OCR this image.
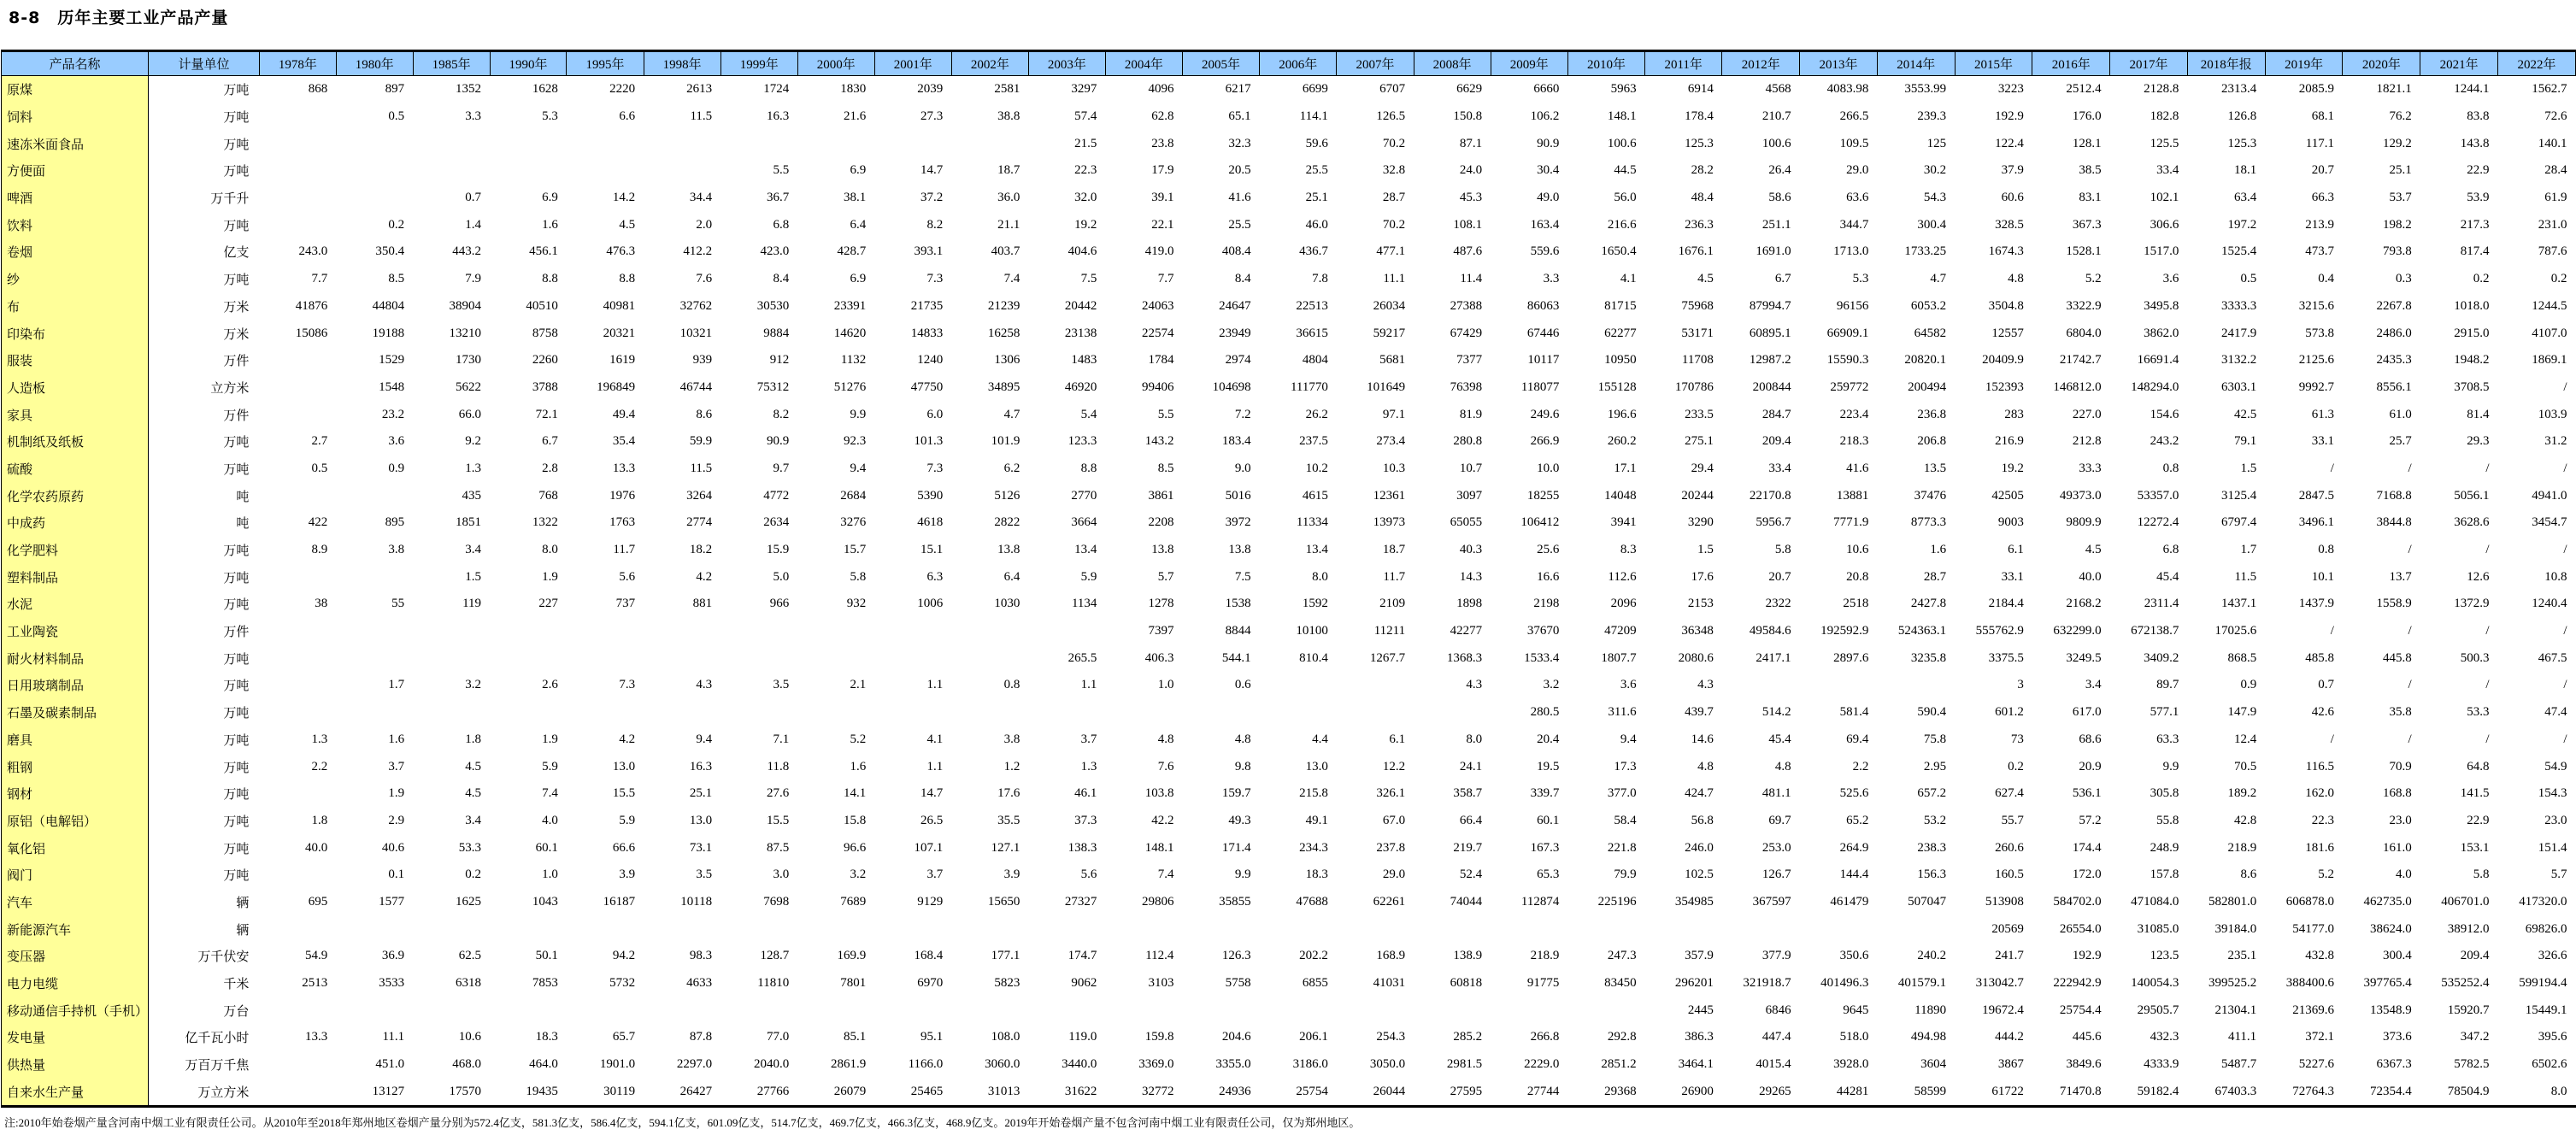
8-8　历年主要工业产品产量
产品名称	计量单位	1978年	1980年	1985年	1990年	1995年	1998年	1999年	2000年	2001年	2002年	2003年	2004年	2005年	2006年	2007年	2008年	2009年	2010年	2011年	2012年	2013年	2014年	2015年	2016年	2017年	2018年报	2019年	2020年	2021年	2022年
原煤	万吨	868	897	1352	1628	2220	2613	1724	1830	2039	2581	3297	4096	6217	6699	6707	6629	6660	5963	6914	4568	4083.98	3553.99	3223	2512.4	2128.8	2313.4	2085.9	1821.1	1244.1	1562.7
饲料	万吨		0.5	3.3	5.3	6.6	11.5	16.3	21.6	27.3	38.8	57.4	62.8	65.1	114.1	126.5	150.8	106.2	148.1	178.4	210.7	266.5	239.3	192.9	176.0	182.8	126.8	68.1	76.2	83.8	72.6
速冻米面食品	万吨											21.5	23.8	32.3	59.6	70.2	87.1	90.9	100.6	125.3	100.6	109.5	125	122.4	128.1	125.5	125.3	117.1	129.2	143.8	140.1
方便面	万吨							5.5	6.9	14.7	18.7	22.3	17.9	20.5	25.5	32.8	24.0	30.4	44.5	28.2	26.4	29.0	30.2	37.9	38.5	33.4	18.1	20.7	25.1	22.9	28.4
啤酒	万千升			0.7	6.9	14.2	34.4	36.7	38.1	37.2	36.0	32.0	39.1	41.6	25.1	28.7	45.3	49.0	56.0	48.4	58.6	63.6	54.3	60.6	83.1	102.1	63.4	66.3	53.7	53.9	61.9
饮料	万吨		0.2	1.4	1.6	4.5	2.0	6.8	6.4	8.2	21.1	19.2	22.1	25.5	46.0	70.2	108.1	163.4	216.6	236.3	251.1	344.7	300.4	328.5	367.3	306.6	197.2	213.9	198.2	217.3	231.0
卷烟	亿支	243.0	350.4	443.2	456.1	476.3	412.2	423.0	428.7	393.1	403.7	404.6	419.0	408.4	436.7	477.1	487.6	559.6	1650.4	1676.1	1691.0	1713.0	1733.25	1674.3	1528.1	1517.0	1525.4	473.7	793.8	817.4	787.6
纱	万吨	7.7	8.5	7.9	8.8	8.8	7.6	8.4	6.9	7.3	7.4	7.5	7.7	8.4	7.8	11.1	11.4	3.3	4.1	4.5	6.7	5.3	4.7	4.8	5.2	3.6	0.5	0.4	0.3	0.2	0.2
布	万米	41876	44804	38904	40510	40981	32762	30530	23391	21735	21239	20442	24063	24647	22513	26034	27388	86063	81715	75968	87994.7	96156	6053.2	3504.8	3322.9	3495.8	3333.3	3215.6	2267.8	1018.0	1244.5
印染布	万米	15086	19188	13210	8758	20321	10321	9884	14620	14833	16258	23138	22574	23949	36615	59217	67429	67446	62277	53171	60895.1	66909.1	64582	12557	6804.0	3862.0	2417.9	573.8	2486.0	2915.0	4107.0
服装	万件		1529	1730	2260	1619	939	912	1132	1240	1306	1483	1784	2974	4804	5681	7377	10117	10950	11708	12987.2	15590.3	20820.1	20409.9	21742.7	16691.4	3132.2	2125.6	2435.3	1948.2	1869.1
人造板	立方米		1548	5622	3788	196849	46744	75312	51276	47750	34895	46920	99406	104698	111770	101649	76398	118077	155128	170786	200844	259772	200494	152393	146812.0	148294.0	6303.1	9992.7	8556.1	3708.5	/
家具	万件		23.2	66.0	72.1	49.4	8.6	8.2	9.9	6.0	4.7	5.4	5.5	7.2	26.2	97.1	81.9	249.6	196.6	233.5	284.7	223.4	236.8	283	227.0	154.6	42.5	61.3	61.0	81.4	103.9
机制纸及纸板	万吨	2.7	3.6	9.2	6.7	35.4	59.9	90.9	92.3	101.3	101.9	123.3	143.2	183.4	237.5	273.4	280.8	266.9	260.2	275.1	209.4	218.3	206.8	216.9	212.8	243.2	79.1	33.1	25.7	29.3	31.2
硫酸	万吨	0.5	0.9	1.3	2.8	13.3	11.5	9.7	9.4	7.3	6.2	8.8	8.5	9.0	10.2	10.3	10.7	10.0	17.1	29.4	33.4	41.6	13.5	19.2	33.3	0.8	1.5	/	/	/	/
化学农药原药	吨			435	768	1976	3264	4772	2684	5390	5126	2770	3861	5016	4615	12361	3097	18255	14048	20244	22170.8	13881	37476	42505	49373.0	53357.0	3125.4	2847.5	7168.8	5056.1	4941.0
中成药	吨	422	895	1851	1322	1763	2774	2634	3276	4618	2822	3664	2208	3972	11334	13973	65055	106412	3941	3290	5956.7	7771.9	8773.3	9003	9809.9	12272.4	6797.4	3496.1	3844.8	3628.6	3454.7
化学肥料	万吨	8.9	3.8	3.4	8.0	11.7	18.2	15.9	15.7	15.1	13.8	13.4	13.8	13.8	13.4	18.7	40.3	25.6	8.3	1.5	5.8	10.6	1.6	6.1	4.5	6.8	1.7	0.8	/	/	/
塑料制品	万吨			1.5	1.9	5.6	4.2	5.0	5.8	6.3	6.4	5.9	5.7	7.5	8.0	11.7	14.3	16.6	112.6	17.6	20.7	20.8	28.7	33.1	40.0	45.4	11.5	10.1	13.7	12.6	10.8
水泥	万吨	38	55	119	227	737	881	966	932	1006	1030	1134	1278	1538	1592	2109	1898	2198	2096	2153	2322	2518	2427.8	2184.4	2168.2	2311.4	1437.1	1437.9	1558.9	1372.9	1240.4
工业陶瓷	万件												7397	8844	10100	11211	42277	37670	47209	36348	49584.6	192592.9	524363.1	555762.9	632299.0	672138.7	17025.6	/	/	/	/
耐火材料制品	万吨											265.5	406.3	544.1	810.4	1267.7	1368.3	1533.4	1807.7	2080.6	2417.1	2897.6	3235.8	3375.5	3249.5	3409.2	868.5	485.8	445.8	500.3	467.5
日用玻璃制品	万吨		1.7	3.2	2.6	7.3	4.3	3.5	2.1	1.1	0.8	1.1	1.0	0.6			4.3	3.2	3.6	4.3				3	3.4	89.7	0.9	0.7	/	/	/
石墨及碳素制品	万吨																	280.5	311.6	439.7	514.2	581.4	590.4	601.2	617.0	577.1	147.9	42.6	35.8	53.3	47.4
磨具	万吨	1.3	1.6	1.8	1.9	4.2	9.4	7.1	5.2	4.1	3.8	3.7	4.8	4.8	4.4	6.1	8.0	20.4	9.4	14.6	45.4	69.4	75.8	73	68.6	63.3	12.4	/	/	/	/
粗钢	万吨	2.2	3.7	4.5	5.9	13.0	16.3	11.8	1.6	1.1	1.2	1.3	7.6	9.8	13.0	12.2	24.1	19.5	17.3	4.8	4.8	2.2	2.95	0.2	20.9	9.9	70.5	116.5	70.9	64.8	54.9
钢材	万吨		1.9	4.5	7.4	15.5	25.1	27.6	14.1	14.7	17.6	46.1	103.8	159.7	215.8	326.1	358.7	339.7	377.0	424.7	481.1	525.6	657.2	627.4	536.1	305.8	189.2	162.0	168.8	141.5	154.3
原铝（电解铝）	万吨	1.8	2.9	3.4	4.0	5.9	13.0	15.5	15.8	26.5	35.5	37.3	42.2	49.3	49.1	67.0	66.4	60.1	58.4	56.8	69.7	65.2	53.2	55.7	57.2	55.8	42.8	22.3	23.0	22.9	23.0
氧化铝	万吨	40.0	40.6	53.3	60.1	66.6	73.1	87.5	96.6	107.1	127.1	138.3	148.1	171.4	234.3	237.8	219.7	167.3	221.8	246.0	253.0	264.9	238.3	260.6	174.4	248.9	218.9	181.6	161.0	153.1	151.4
阀门	万吨		0.1	0.2	1.0	3.9	3.5	3.0	3.2	3.7	3.9	5.6	7.4	9.9	18.3	29.0	52.4	65.3	79.9	102.5	126.7	144.4	156.3	160.5	172.0	157.8	8.6	5.2	4.0	5.8	5.7
汽车	辆	695	1577	1625	1043	16187	10118	7698	7689	9129	15650	27327	29806	35855	47688	62261	74044	112874	225196	354985	367597	461479	507047	513908	584702.0	471084.0	582801.0	606878.0	462735.0	406701.0	417320.0
新能源汽车	辆																							20569	26554.0	31085.0	39184.0	54177.0	38624.0	38912.0	69826.0
变压器	万千伏安	54.9	36.9	62.5	50.1	94.2	98.3	128.7	169.9	168.4	177.1	174.7	112.4	126.3	202.2	168.9	138.9	218.9	247.3	357.9	377.9	350.6	240.2	241.7	192.9	123.5	235.1	432.8	300.4	209.4	326.6
电力电缆	千米	2513	3533	6318	7853	5732	4633	11810	7801	6970	5823	9062	3103	5758	6855	41031	60818	91775	83450	296201	321918.7	401496.3	401579.1	313042.7	222942.9	140054.3	399525.2	388400.6	397765.4	535252.4	599194.4
移动通信手持机（手机）	万台																			2445	6846	9645	11890	19672.4	25754.4	29505.7	21304.1	21369.6	13548.9	15920.7	15449.1
发电量	亿千瓦小时	13.3	11.1	10.6	18.3	65.7	87.8	77.0	85.1	95.1	108.0	119.0	159.8	204.6	206.1	254.3	285.2	266.8	292.8	386.3	447.4	518.0	494.98	444.2	445.6	432.3	411.1	372.1	373.6	347.2	395.6
供热量	万百万千焦		451.0	468.0	464.0	1901.0	2297.0	2040.0	2861.9	1166.0	3060.0	3440.0	3369.0	3355.0	3186.0	3050.0	2981.5	2229.0	2851.2	3464.1	4015.4	3928.0	3604	3867	3849.6	4333.9	5487.7	5227.6	6367.3	5782.5	6502.6
自来水生产量	万立方米		13127	17570	19435	30119	26427	27766	26079	25465	31013	31622	32772	24936	25754	26044	27595	27744	29368	26900	29265	44281	58599	61722	71470.8	59182.4	67403.3	72764.3	72354.4	78504.9	8.0
注:2010年始卷烟产量含河南中烟工业有限责任公司。从2010年至2018年郑州地区卷烟产量分别为572.4亿支，581.3亿支，586.4亿支，594.1亿支，601.09亿支，514.7亿支，469.7亿支，466.3亿支，468.9亿支。2019年开始卷烟产量不包含河南中烟工业有限责任公司，仅为郑州地区。
